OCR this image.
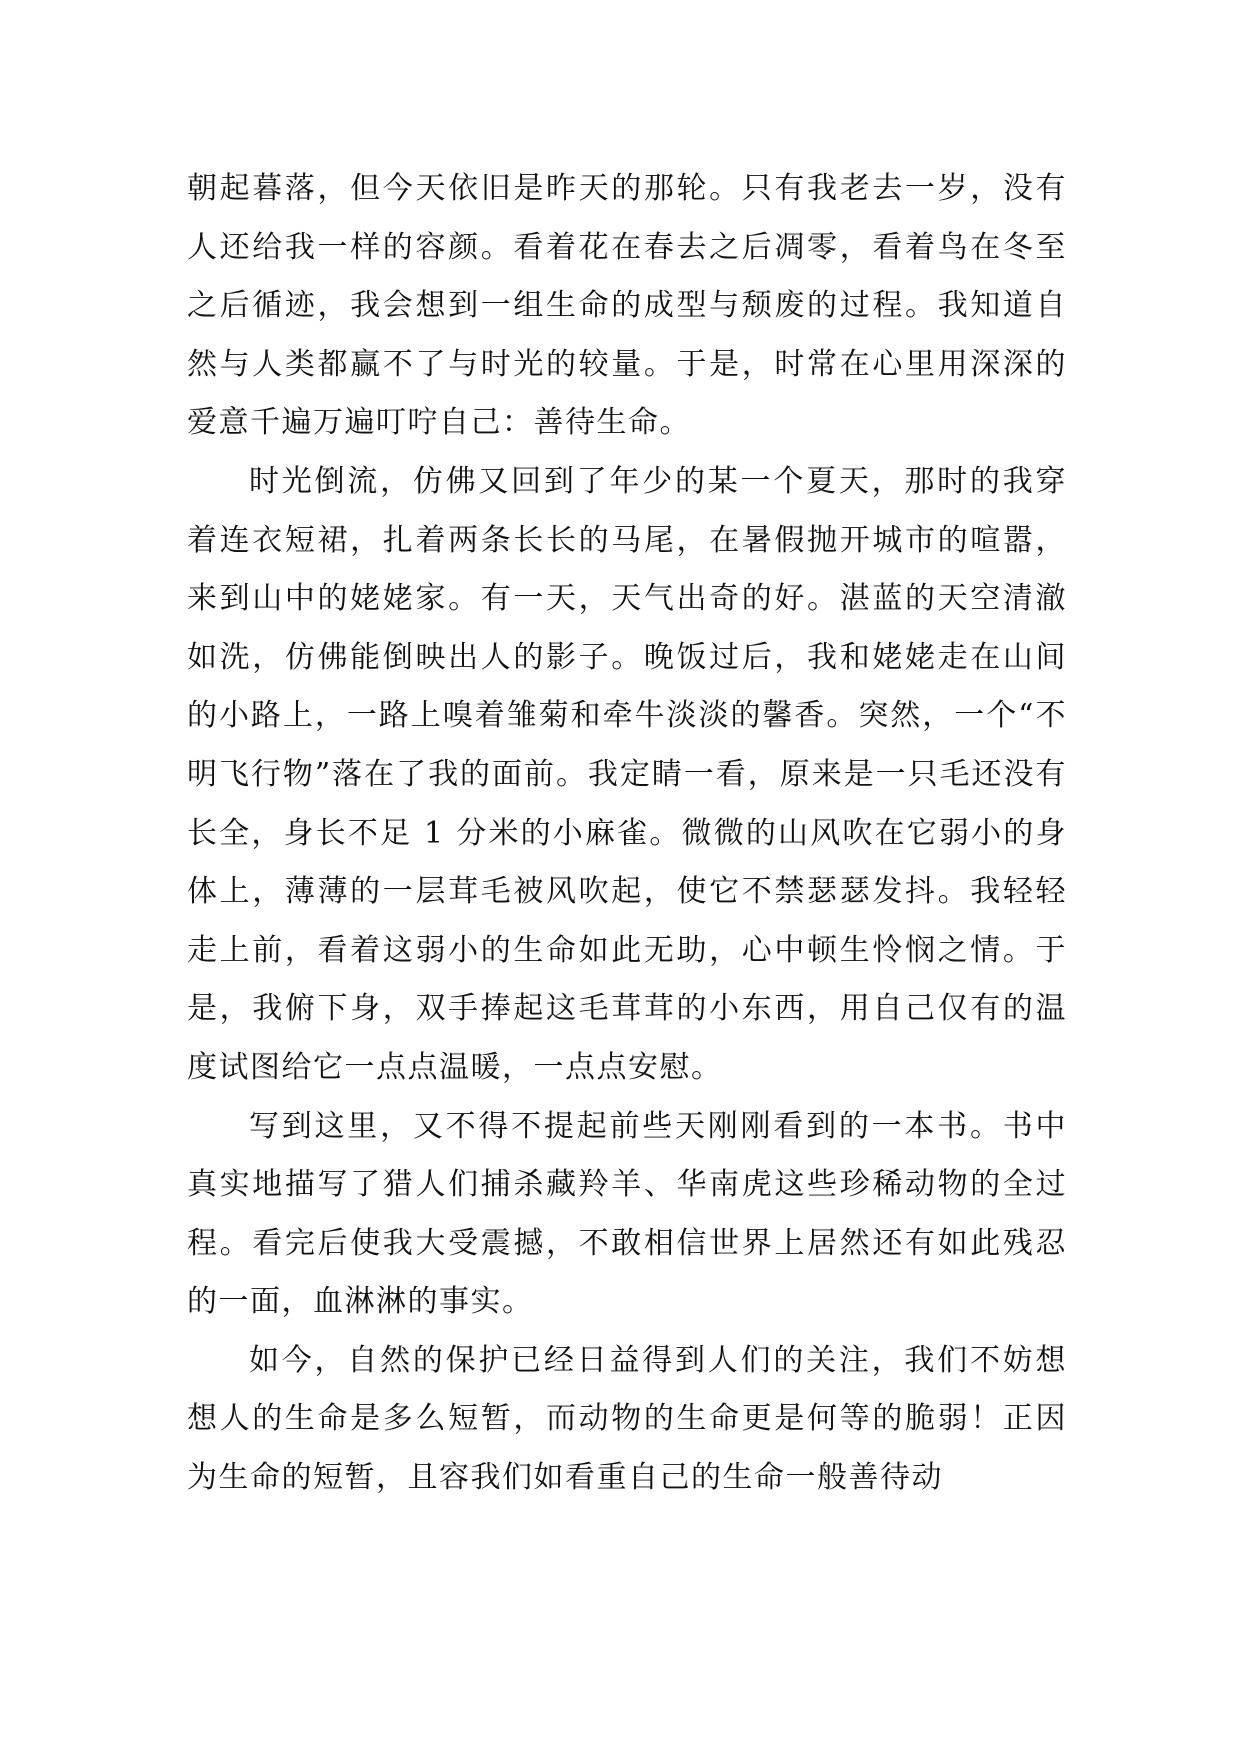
朝起暮落，但今天依旧是昨天的那轮。只有我老去一岁，没有人还给我一样的容颜。看着花在春去之后凋零，看着鸟在冬至之后循迹，我会想到一组生命的成型与颓废的过程。我知道自然与人类都赢不了与时光的较量。于是，时常在心里用深深的爱意千遍万遍叮咛自己：善待生命。

时光倒流，仿佛又回到了年少的某一个夏天，那时的我穿着连衣短裙，扎着两条长长的马尾，在暑假抛开城市的喧嚣，来到山中的姥姥家。有一天，天气出奇的好。湛蓝的天空清澈如洗，仿佛能倒映出人的影子。晚饭过后，我和姥姥走在山间的小路上，一路上嗅着雏菊和牵牛淡淡的馨香。突然，一个“不明飞行物”落在了我的面前。我定睛一看，原来是一只毛还没有长全，身长不足 1 分米的小麻雀。微微的山风吹在它弱小的身体上，薄薄的一层茸毛被风吹起，使它不禁瑟瑟发抖。我轻轻走上前，看着这弱小的生命如此无助，心中顿生怜悯之情。于是，我俯下身，双手捧起这毛茸茸的小东西，用自己仅有的温度试图给它一点点温暖，一点点安慰。

写到这里，又不得不提起前些天刚刚看到的一本书。书中真实地描写了猎人们捕杀藏羚羊、华南虎这些珍稀动物的全过程。看完后使我大受震撼，不敢相信世界上居然还有如此残忍的一面，血淋淋的事实。

如今，自然的保护已经日益得到人们的关注，我们不妨想想人的生命是多么短暂，而动物的生命更是何等的脆弱！正因为生命的短暂，且容我们如看重自己的生命一般善待动
